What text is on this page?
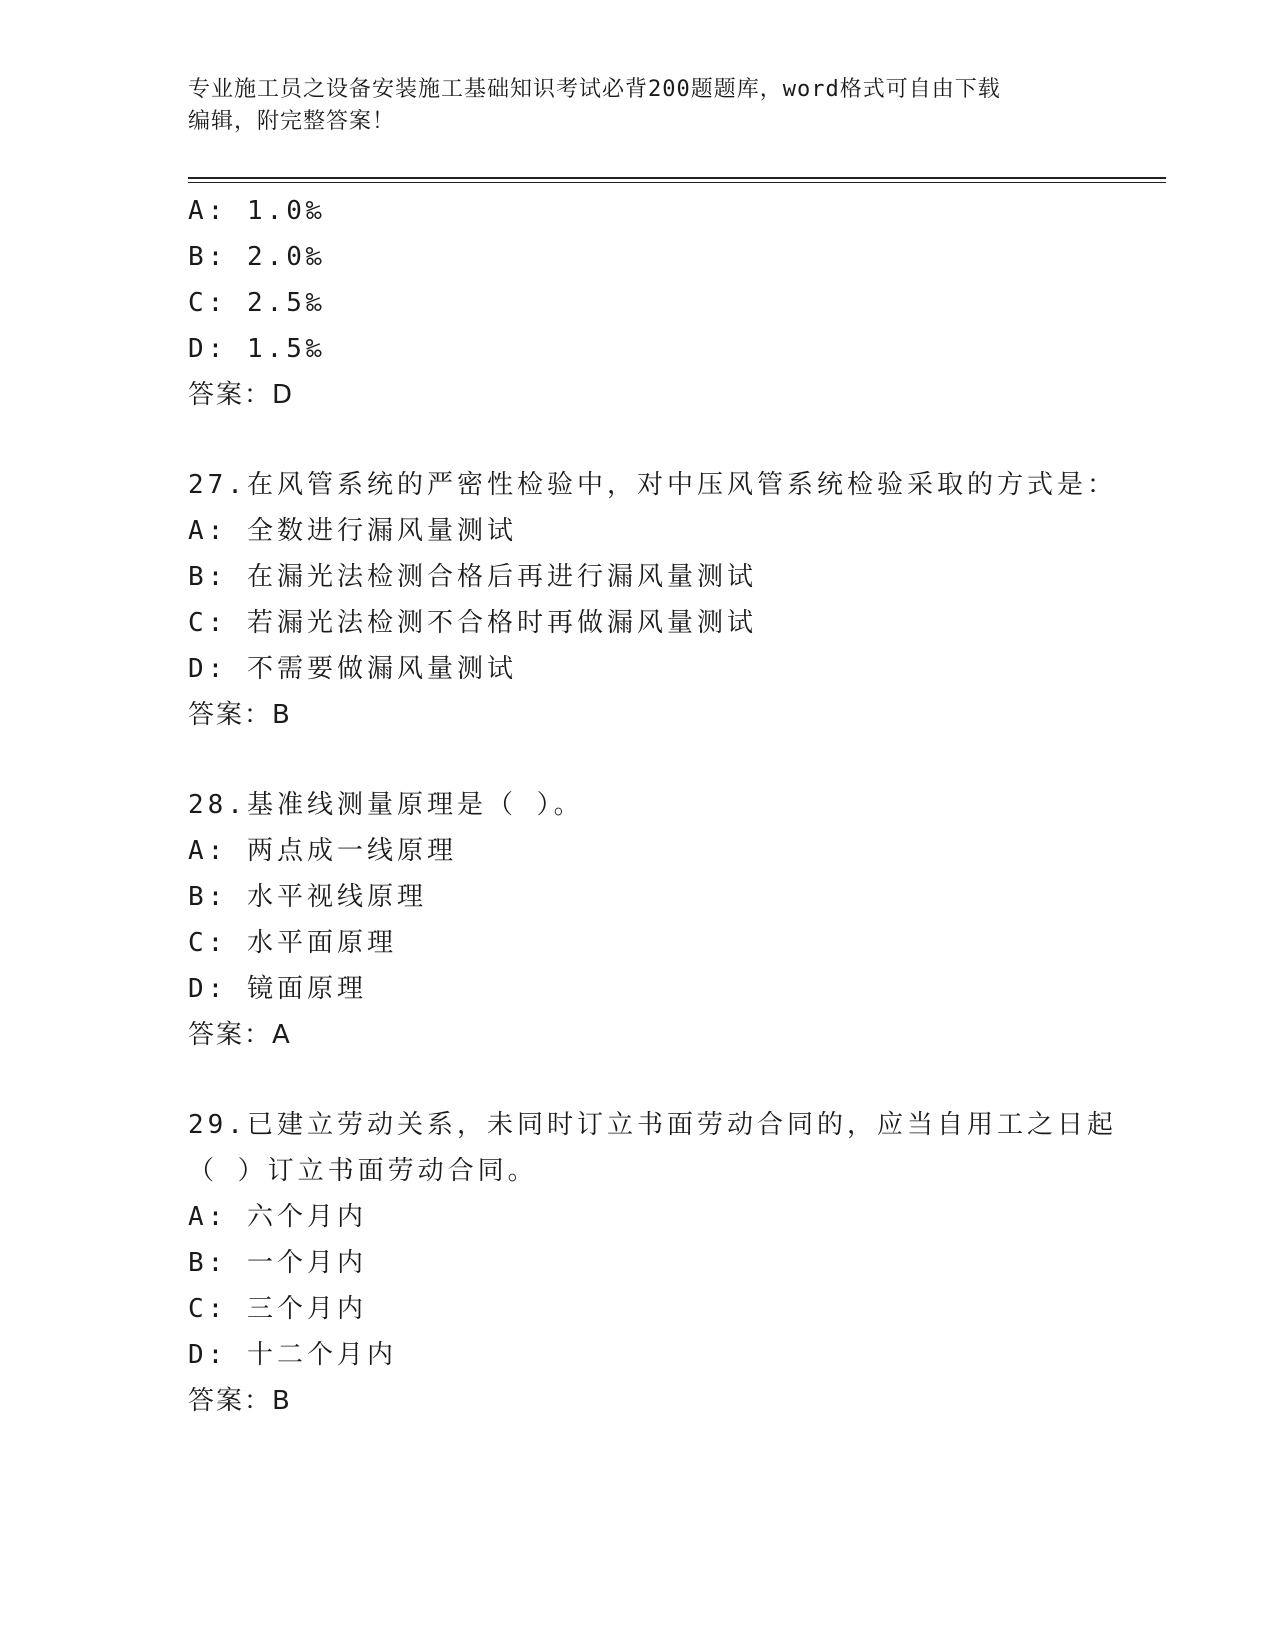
专业施工员之设备安装施工基础知识考试必背200题题库，word格式可自由下载
编辑，附完整答案！
A: 1.0‰
B: 2.0‰
C: 2.5‰
D: 1.5‰
答案：D
27.在风管系统的严密性检验中，对中压风管系统检验采取的方式是：
A: 全数进行漏风量测试
B: 在漏光法检测合格后再进行漏风量测试
C: 若漏光法检测不合格时再做漏风量测试
D: 不需要做漏风量测试
答案：B
28.基准线测量原理是（ ）。
A: 两点成一线原理
B: 水平视线原理
C: 水平面原理
D: 镜面原理
答案：A
29.已建立劳动关系，未同时订立书面劳动合同的，应当自用工之日起
（ ）订立书面劳动合同。
A: 六个月内
B: 一个月内
C: 三个月内
D: 十二个月内
答案：B
